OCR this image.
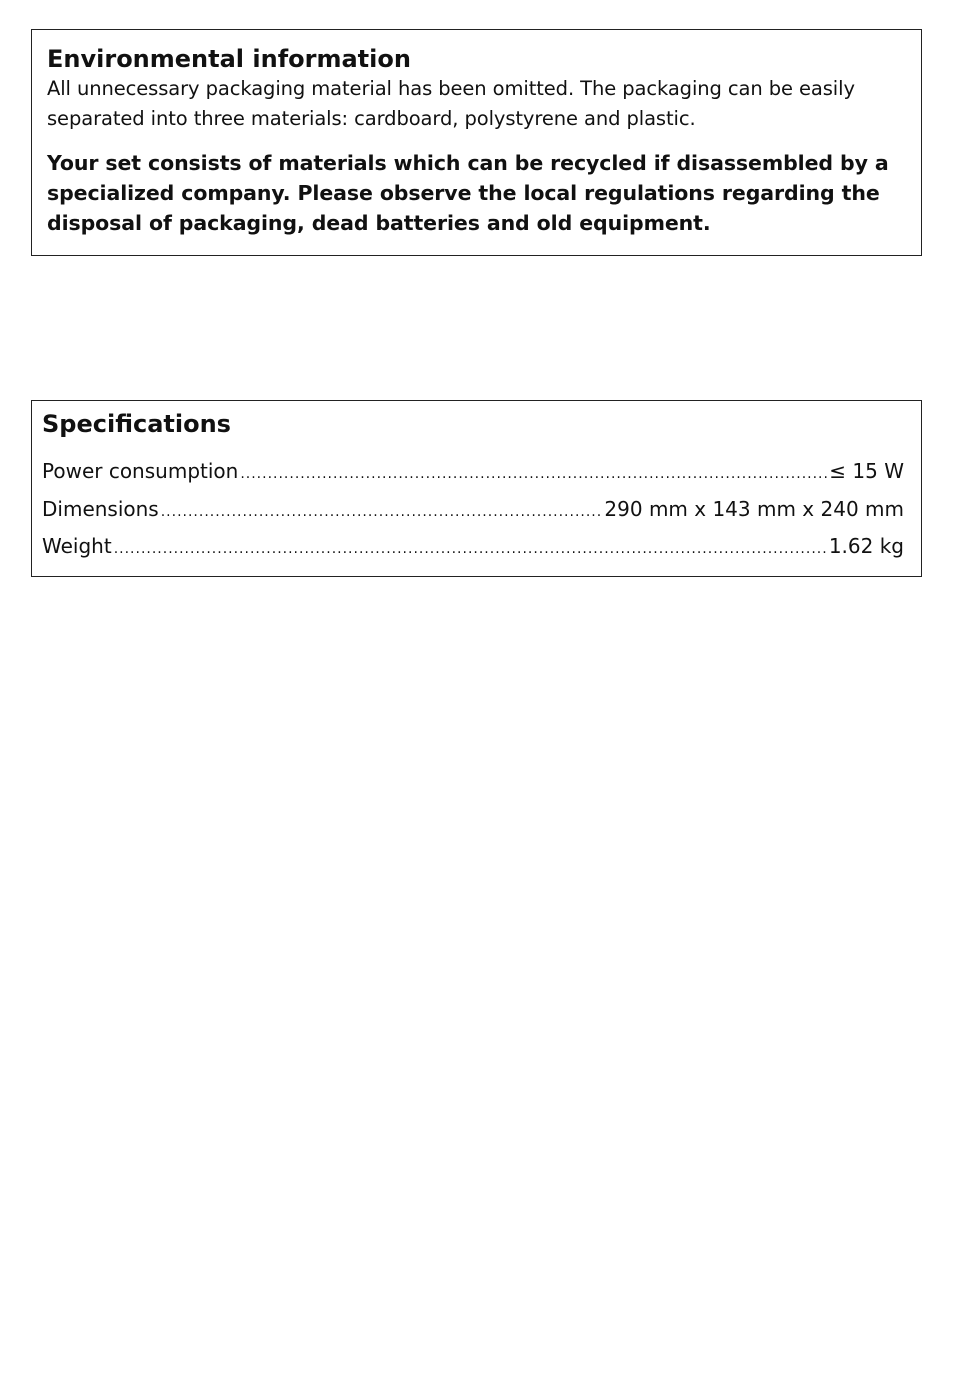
Environmental information

All unnecessary packaging material has been omitted. The packaging can be easily separated into three materials: cardboard, polystyrene and plastic.

Your set consists of materials which can be recycled if disassembled by a specialized company. Please observe the local regulations regarding the disposal of packaging, dead batteries and old equipment.

Specifications
Power consumption .....	≤ 15 W
Dimensions .....	290 mm x 143 mm x 240 mm
Weight .....	1.62 kg
